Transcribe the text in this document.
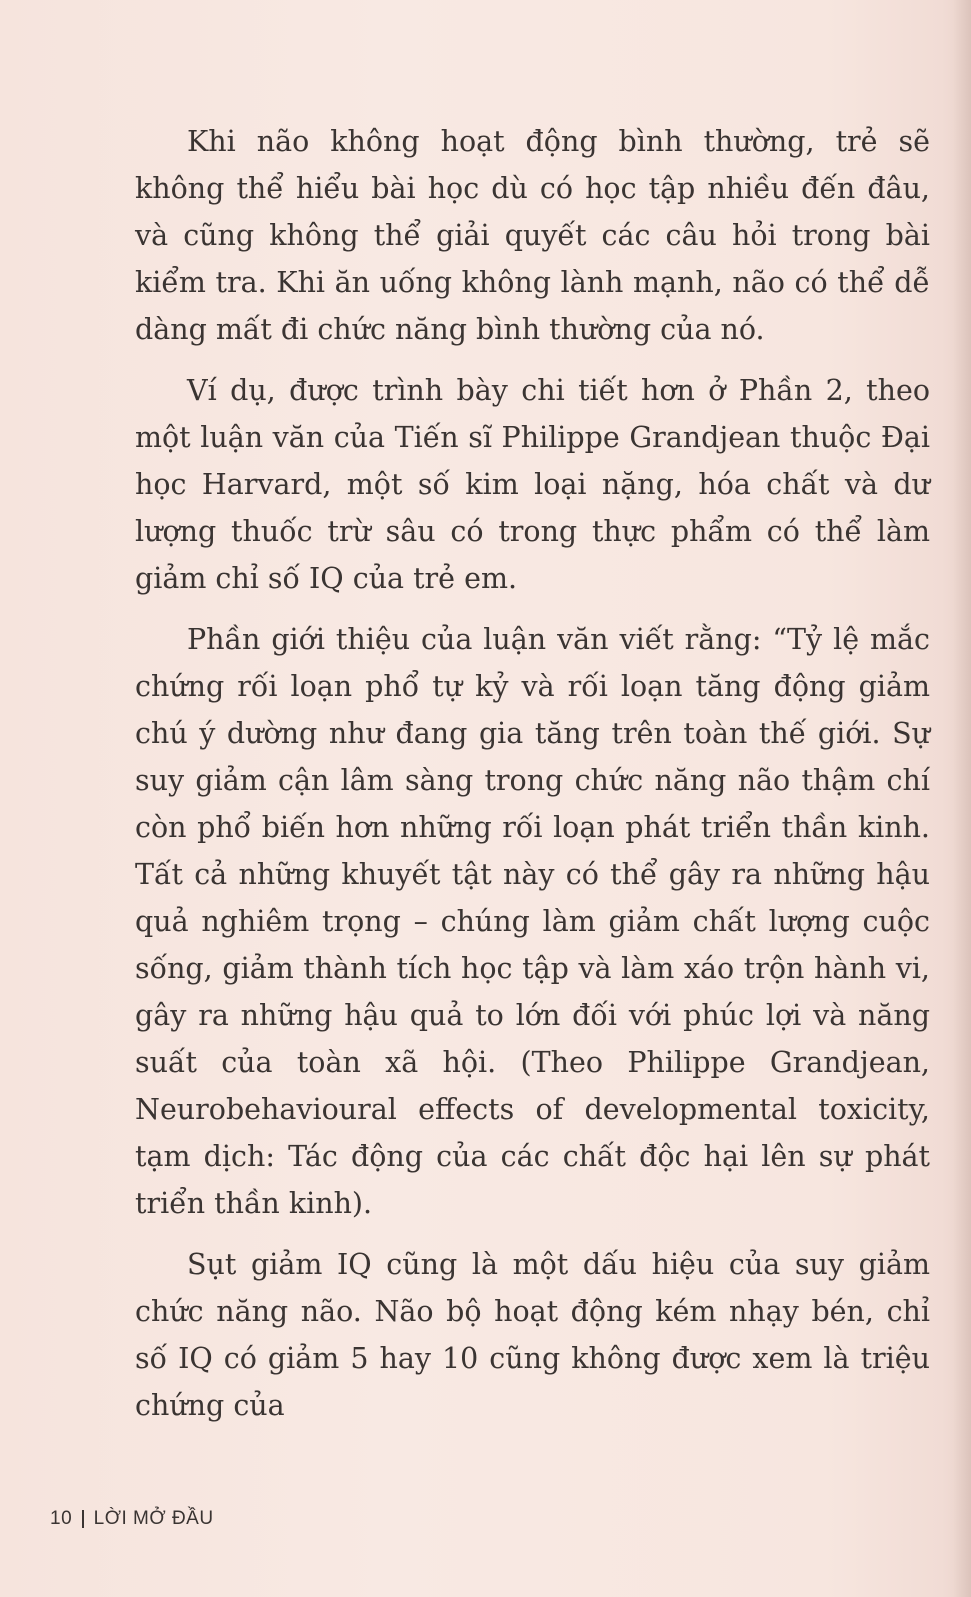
Khi não không hoạt động bình thường, trẻ sẽ không thể hiểu bài học dù có học tập nhiều đến đâu, và cũng không thể giải quyết các câu hỏi trong bài kiểm tra. Khi ăn uống không lành mạnh, não có thể dễ dàng mất đi chức năng bình thường của nó.

Ví dụ, được trình bày chi tiết hơn ở Phần 2, theo một luận văn của Tiến sĩ Philippe Grandjean thuộc Đại học Harvard, một số kim loại nặng, hóa chất và dư lượng thuốc trừ sâu có trong thực phẩm có thể làm giảm chỉ số IQ của trẻ em.

Phần giới thiệu của luận văn viết rằng: “Tỷ lệ mắc chứng rối loạn phổ tự kỷ và rối loạn tăng động giảm chú ý dường như đang gia tăng trên toàn thế giới. Sự suy giảm cận lâm sàng trong chức năng não thậm chí còn phổ biến hơn những rối loạn phát triển thần kinh. Tất cả những khuyết tật này có thể gây ra những hậu quả nghiêm trọng – chúng làm giảm chất lượng cuộc sống, giảm thành tích học tập và làm xáo trộn hành vi, gây ra những hậu quả to lớn đối với phúc lợi và năng suất của toàn xã hội. (Theo Philippe Grandjean, Neurobehavioural effects of developmental toxicity, tạm dịch: Tác động của các chất độc hại lên sự phát triển thần kinh).

Sụt giảm IQ cũng là một dấu hiệu của suy giảm chức năng não. Não bộ hoạt động kém nhạy bén, chỉ số IQ có giảm 5 hay 10 cũng không được xem là triệu chứng của

10 LỜI MỞ ĐẦU
